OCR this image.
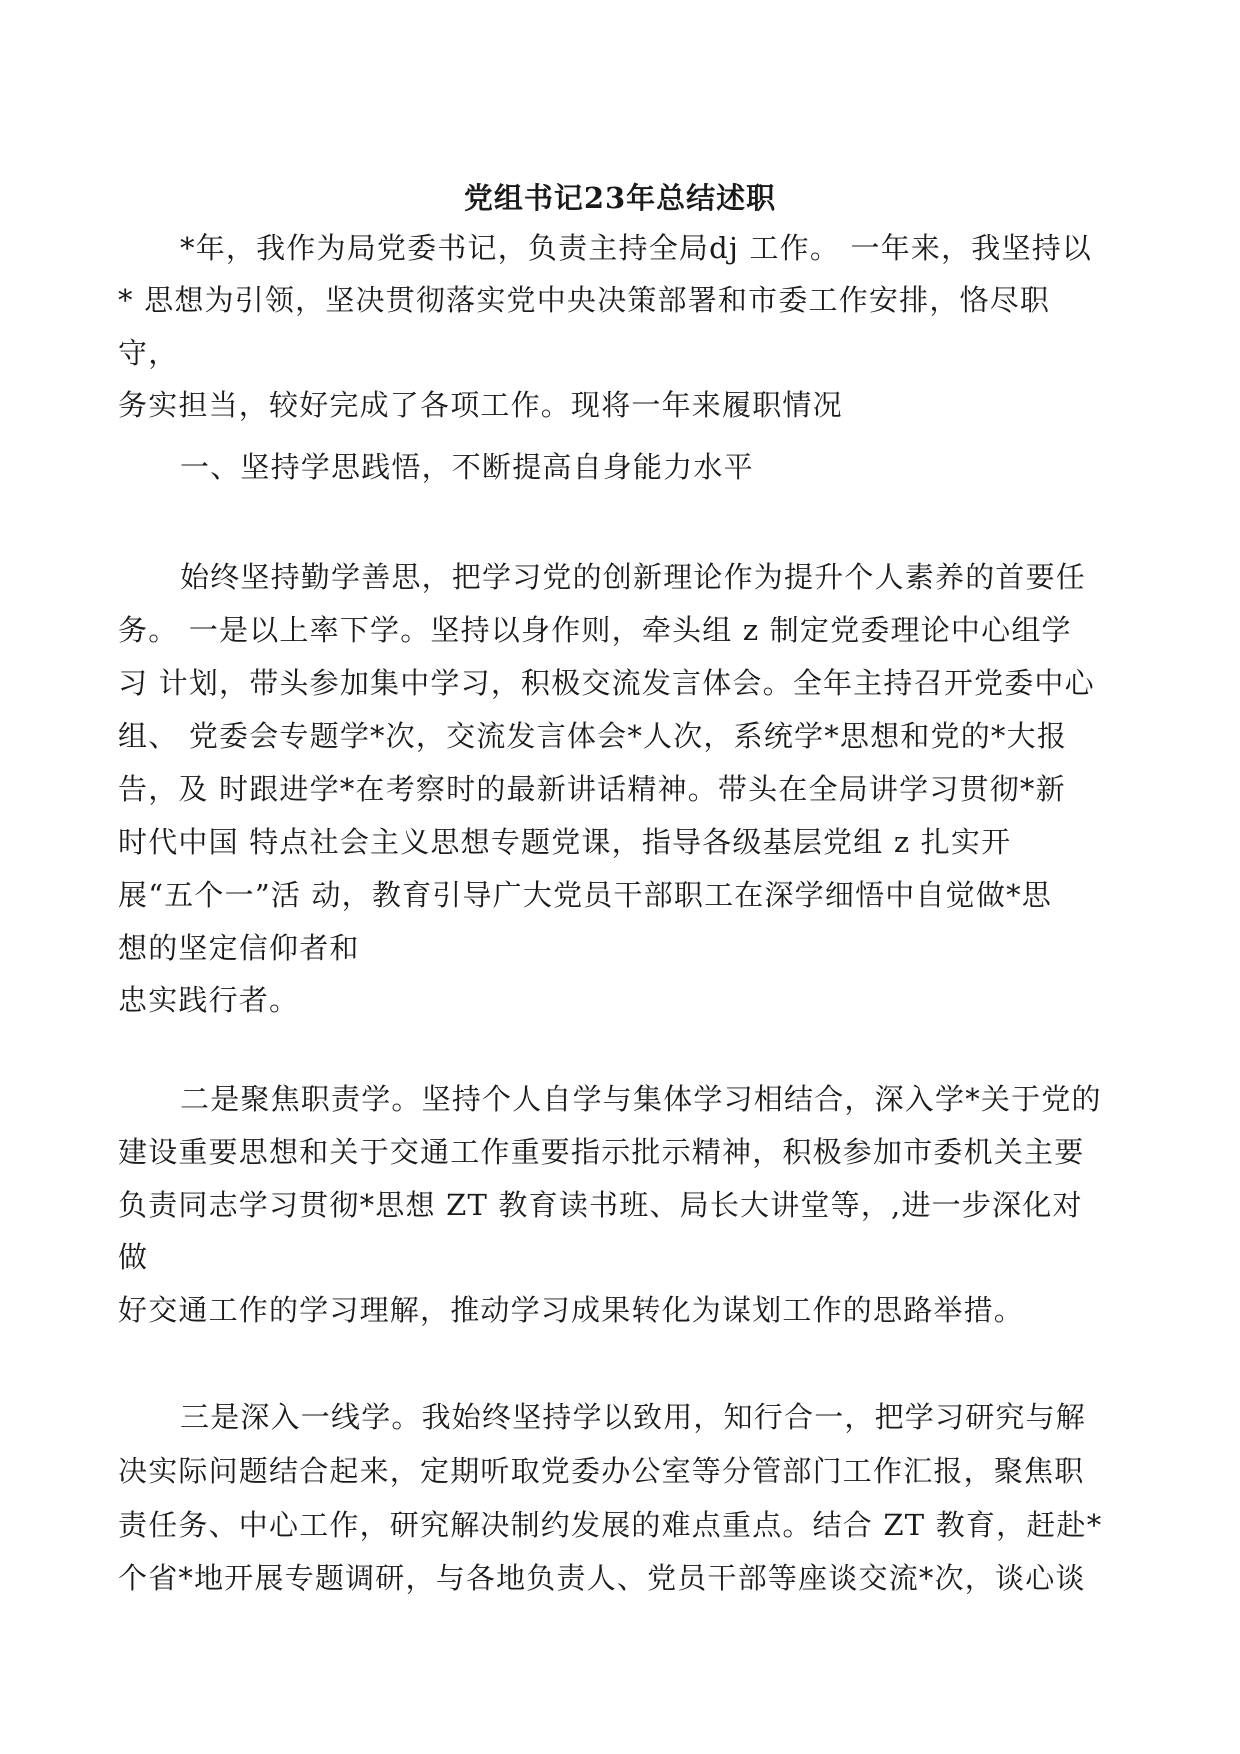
党组书记23年总结述职
*年，我作为局党委书记，负责主持全局dj 工作。 一年来，我坚持以
* 思想为引领，坚决贯彻落实党中央决策部署和市委工作安排，恪尽职
守，
务实担当，较好完成了各项工作。现将一年来履职情况
一、坚持学思践悟，不断提高自身能力水平
始终坚持勤学善思，把学习党的创新理论作为提升个人素养的首要任
务。 一是以上率下学。坚持以身作则，牵头组 z 制定党委理论中心组学
习 计划，带头参加集中学习，积极交流发言体会。全年主持召开党委中心
组、 党委会专题学*次，交流发言体会*人次，系统学*思想和党的*大报
告，及 时跟进学*在考察时的最新讲话精神。带头在全局讲学习贯彻*新
时代中国 特点社会主义思想专题党课，指导各级基层党组 z 扎实开
展“五个一”活 动，教育引导广大党员干部职工在深学细悟中自觉做*思
想的坚定信仰者和
忠实践行者。
二是聚焦职责学。坚持个人自学与集体学习相结合，深入学*关于党的
建设重要思想和关于交通工作重要指示批示精神，积极参加市委机关主要
负责同志学习贯彻*思想 ZT 教育读书班、局长大讲堂等，,进一步深化对
做
好交通工作的学习理解，推动学习成果转化为谋划工作的思路举措。
三是深入一线学。我始终坚持学以致用，知行合一，把学习研究与解
决实际问题结合起来，定期听取党委办公室等分管部门工作汇报，聚焦职
责任务、中心工作，研究解决制约发展的难点重点。结合 ZT 教育，赶赴*
个省*地开展专题调研，与各地负责人、党员干部等座谈交流*次，谈心谈
